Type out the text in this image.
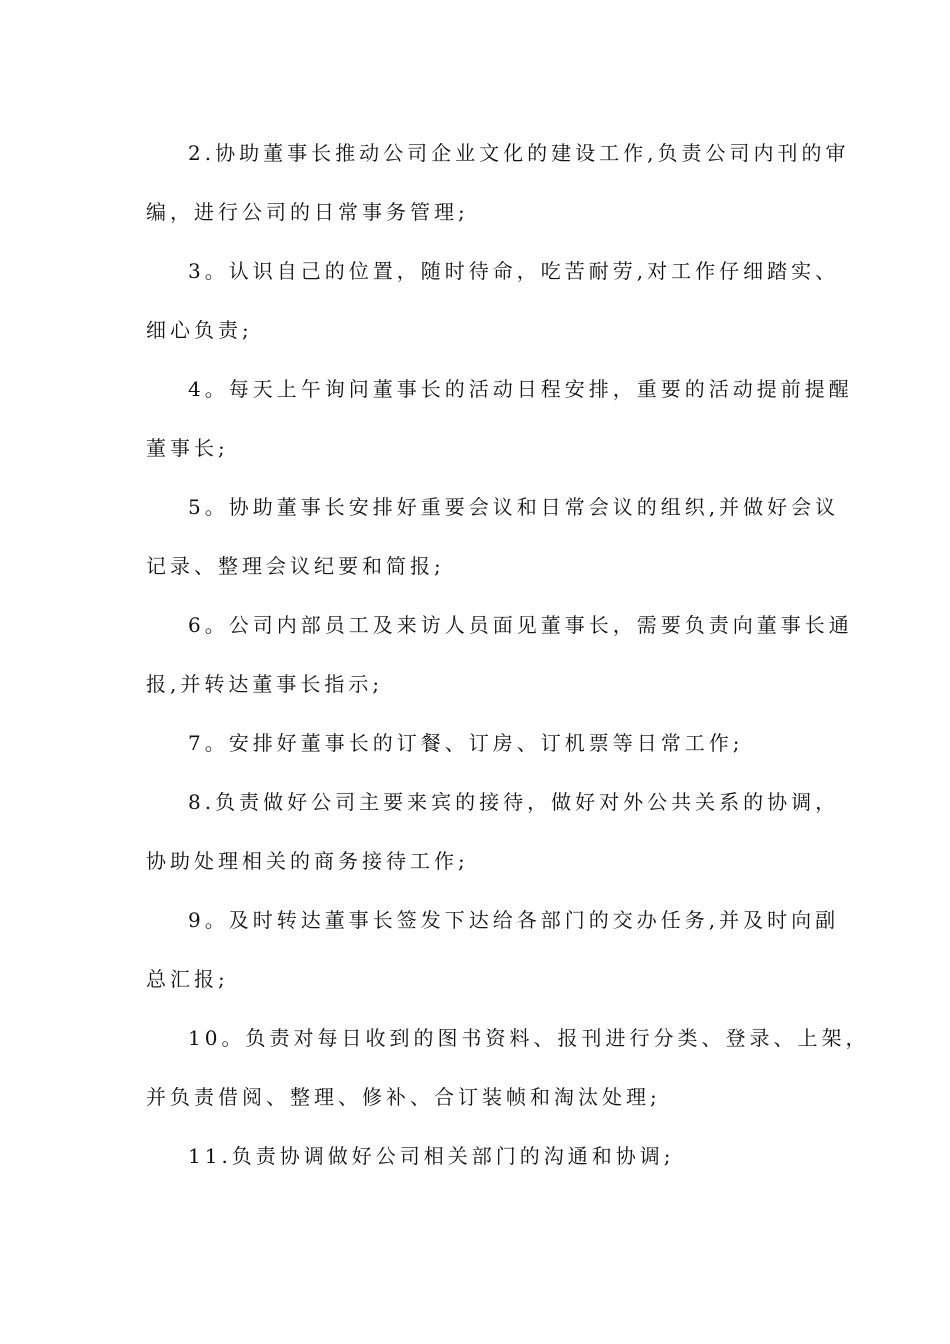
2.协助董事长推动公司企业文化的建设工作,负责公司内刊的审
编，进行公司的日常事务管理;
3。认识自己的位置，随时待命，吃苦耐劳,对工作仔细踏实、
细心负责;
4。每天上午询问董事长的活动日程安排，重要的活动提前提醒
董事长;
5。协助董事长安排好重要会议和日常会议的组织,并做好会议
记录、整理会议纪要和简报;
6。公司内部员工及来访人员面见董事长，需要负责向董事长通
报,并转达董事长指示;
7。安排好董事长的订餐、订房、订机票等日常工作;
8.负责做好公司主要来宾的接待，做好对外公共关系的协调，
协助处理相关的商务接待工作;
9。及时转达董事长签发下达给各部门的交办任务,并及时向副
总汇报;
10。负责对每日收到的图书资料、报刊进行分类、登录、上架，
并负责借阅、整理、修补、合订装帧和淘汰处理;
11.负责协调做好公司相关部门的沟通和协调;
